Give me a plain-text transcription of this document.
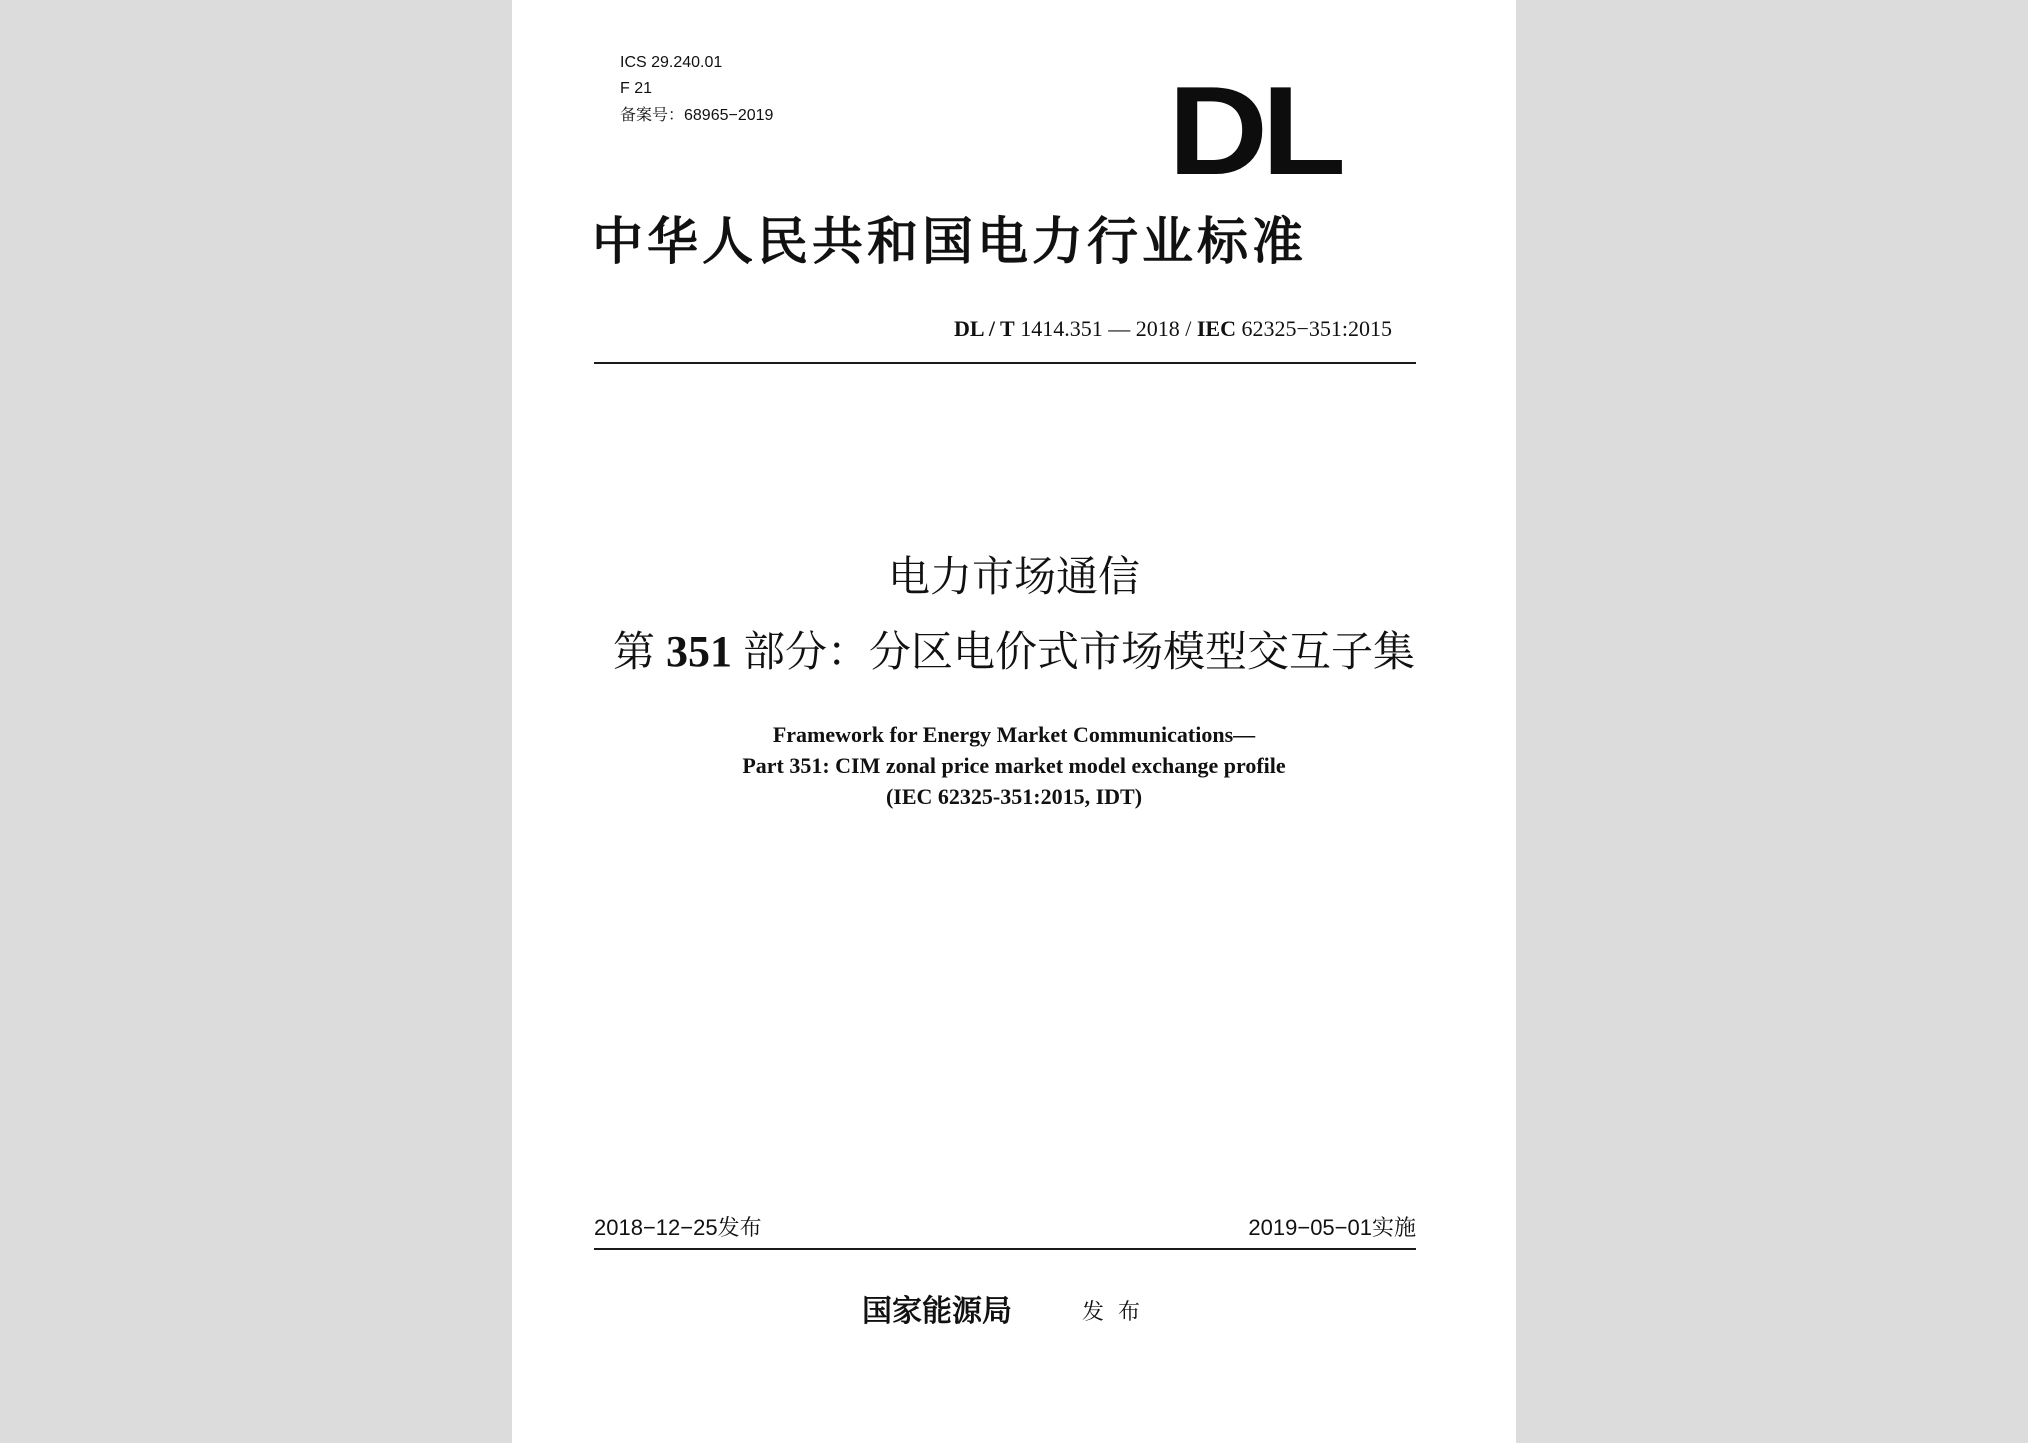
ICS 29.240.01
F 21
备案号：68965−2019	DL
中华人民共和国电力行业标准
DL / T 1414.351 — 2018 / IEC 62325−351:2015
电力市场通信
第 351 部分：分区电价式市场模型交互子集
Framework for Energy Market Communications—
Part 351: CIM zonal price market model exchange profile
(IEC 62325-351:2015, IDT)
2018−12−25发布	2019−05−01实施
国家能源局	发布
